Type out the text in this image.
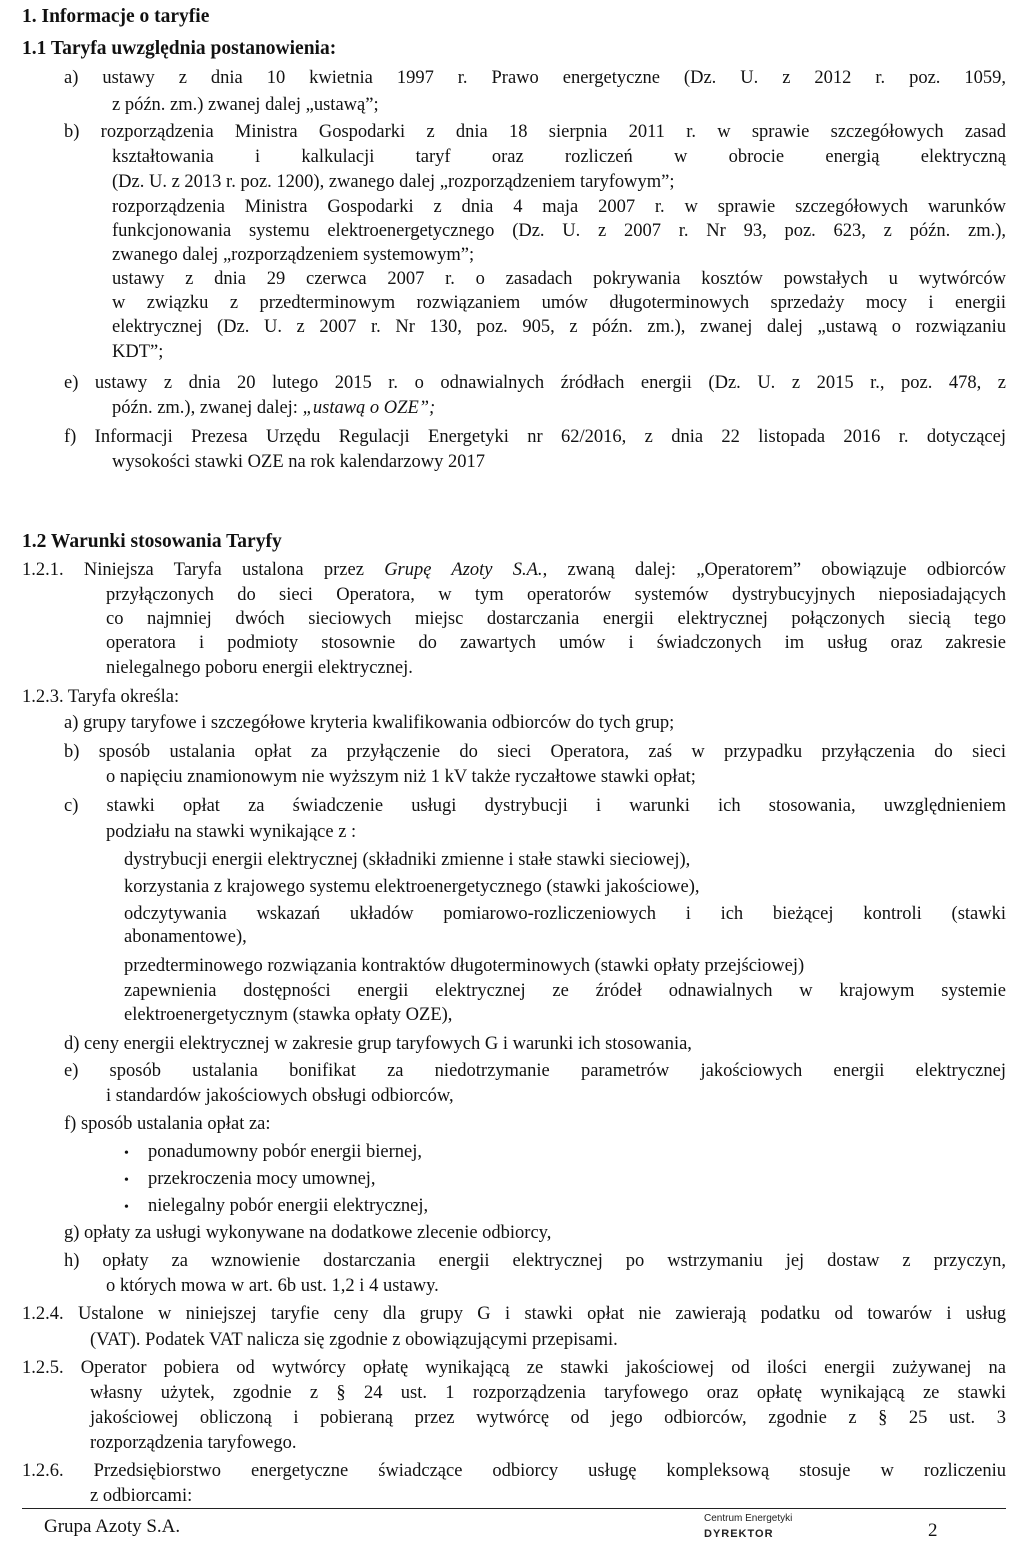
1. Informacje o taryfie
1.1 Taryfa uwzględnia postanowienia:
a) ustawy z dnia 10 kwietnia 1997 r. Prawo energetyczne (Dz. U. z 2012 r. poz. 1059,
z późn. zm.) zwanej dalej „ustawą”;
b) rozporządzenia Ministra Gospodarki z dnia 18 sierpnia 2011 r. w sprawie szczegółowych zasad
kształtowania i kalkulacji taryf oraz rozliczeń w obrocie energią elektryczną
(Dz. U. z 2013 r. poz. 1200), zwanego dalej „rozporządzeniem taryfowym”;
rozporządzenia Ministra Gospodarki z dnia 4 maja 2007 r. w sprawie szczegółowych warunków
funkcjonowania systemu elektroenergetycznego (Dz. U. z 2007 r. Nr 93, poz. 623, z późn. zm.),
zwanego dalej „rozporządzeniem systemowym”;
ustawy z dnia 29 czerwca 2007 r. o zasadach pokrywania kosztów powstałych u wytwórców
w związku z przedterminowym rozwiązaniem umów długoterminowych sprzedaży mocy i energii
elektrycznej (Dz. U. z 2007 r. Nr 130, poz. 905, z późn. zm.), zwanej dalej „ustawą o rozwiązaniu
KDT”;
e) ustawy z dnia 20 lutego 2015 r. o odnawialnych źródłach energii (Dz. U. z 2015 r., poz. 478, z
późn. zm.), zwanej dalej: „ustawą o OZE”;
f) Informacji Prezesa Urzędu Regulacji Energetyki nr 62/2016, z dnia 22 listopada 2016 r. dotyczącej
wysokości stawki OZE na rok kalendarzowy 2017
1.2 Warunki stosowania Taryfy
1.2.1. Niniejsza Taryfa ustalona przez Grupę Azoty S.A., zwaną dalej: „Operatorem” obowiązuje odbiorców
przyłączonych do sieci Operatora, w tym operatorów systemów dystrybucyjnych nieposiadających
co najmniej dwóch sieciowych miejsc dostarczania energii elektrycznej połączonych siecią tego
operatora i podmioty stosownie do zawartych umów i świadczonych im usług oraz zakresie
nielegalnego poboru energii elektrycznej.
1.2.3. Taryfa określa:
a) grupy taryfowe i szczegółowe kryteria kwalifikowania odbiorców do tych grup;
b) sposób ustalania opłat za przyłączenie do sieci Operatora, zaś w przypadku przyłączenia do sieci
o napięciu znamionowym nie wyższym niż 1 kV także ryczałtowe stawki opłat;
c) stawki opłat za świadczenie usługi dystrybucji i warunki ich stosowania, uwzględnieniem
podziału na stawki wynikające z :
dystrybucji energii elektrycznej (składniki zmienne i stałe stawki sieciowej),
korzystania z krajowego systemu elektroenergetycznego (stawki jakościowe),
odczytywania wskazań układów pomiarowo-rozliczeniowych i ich bieżącej kontroli (stawki
abonamentowe),
przedterminowego rozwiązania kontraktów długoterminowych (stawki opłaty przejściowej)
zapewnienia dostępności energii elektrycznej ze źródeł odnawialnych w krajowym systemie
elektroenergetycznym (stawka opłaty OZE),
d) ceny energii elektrycznej w zakresie grup taryfowych G i warunki ich stosowania,
e) sposób ustalania bonifikat za niedotrzymanie parametrów jakościowych energii elektrycznej
i standardów jakościowych obsługi odbiorców,
f) sposób ustalania opłat za:
• ponadumowny pobór energii biernej,
• przekroczenia mocy umownej,
• nielegalny pobór energii elektrycznej,
g) opłaty za usługi wykonywane na dodatkowe zlecenie odbiorcy,
h) opłaty za wznowienie dostarczania energii elektrycznej po wstrzymaniu jej dostaw z przyczyn,
o których mowa w art. 6b ust. 1,2 i 4 ustawy.
1.2.4. Ustalone w niniejszej taryfie ceny dla grupy G i stawki opłat nie zawierają podatku od towarów i usług
(VAT). Podatek VAT nalicza się zgodnie z obowiązującymi przepisami.
1.2.5. Operator pobiera od wytwórcy opłatę wynikającą ze stawki jakościowej od ilości energii zużywanej na
własny użytek, zgodnie z § 24 ust. 1 rozporządzenia taryfowego oraz opłatę wynikającą ze stawki
jakościowej obliczoną i pobieraną przez wytwórcę od jego odbiorców, zgodnie z § 25 ust. 3
rozporządzenia taryfowego.
1.2.6. Przedsiębiorstwo energetyczne świadczące odbiorcy usługę kompleksową stosuje w rozliczeniu
z odbiorcami:
Grupa Azoty S.A.	Centrum Energetyki
DYREKTOR	2
